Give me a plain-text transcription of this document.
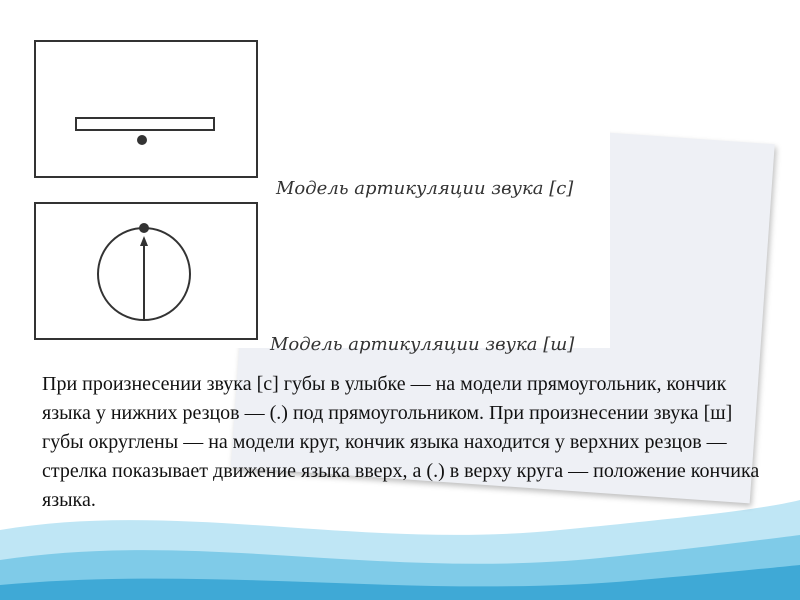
Модель артикуляции звука [с]
Модель артикуляции звука [ш]
При произнесении звука [с] губы в улыбке — на модели прямоугольник, кончик языка у нижних резцов — (.) под прямоугольником. При произнесении звука [ш] губы округлены — на модели круг, кончик языка находится у верхних резцов — стрелка показывает движение языка вверх, а (.) в верху круга — положение кончика языка.
